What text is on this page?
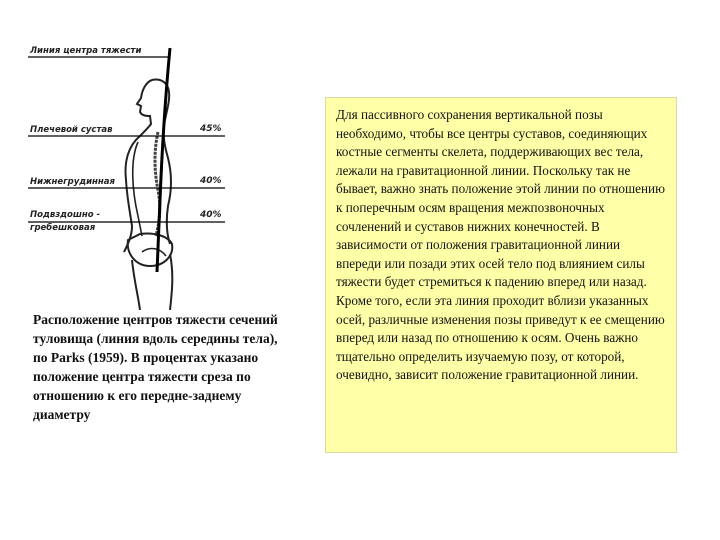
Линия центра тяжести
Плечевой сустав
Нижнегрудинная
Подвздошно -
гребешковая
45%
40%
40%
Расположение центров тяжести сечений туловища (линия вдоль середины тела), по Parks (1959). В процентах указано положение центра тяжести среза по отношению к его передне-заднему диаметру

Для пассивного сохранения вертикальной позы необходимо, чтобы все центры суставов, соединяющих костные сегменты скелета, поддерживающих вес тела, лежали на гравитационной линии. Поскольку так не бывает, важно знать положение этой линии по отношению к поперечным осям вращения межпозвоночных сочленений и суставов нижних конечностей. В зависимости от положения гравитационной линии впереди или позади этих осей тело под влиянием силы тяжести будет стремиться к падению вперед или назад. Кроме того, если эта линия проходит вблизи указанных осей, различные изменения позы приведут к ее смещению вперед или назад по отношению к осям. Очень важно тщательно определить изучаемую позу, от которой, очевидно, зависит положение гравитационной линии.
